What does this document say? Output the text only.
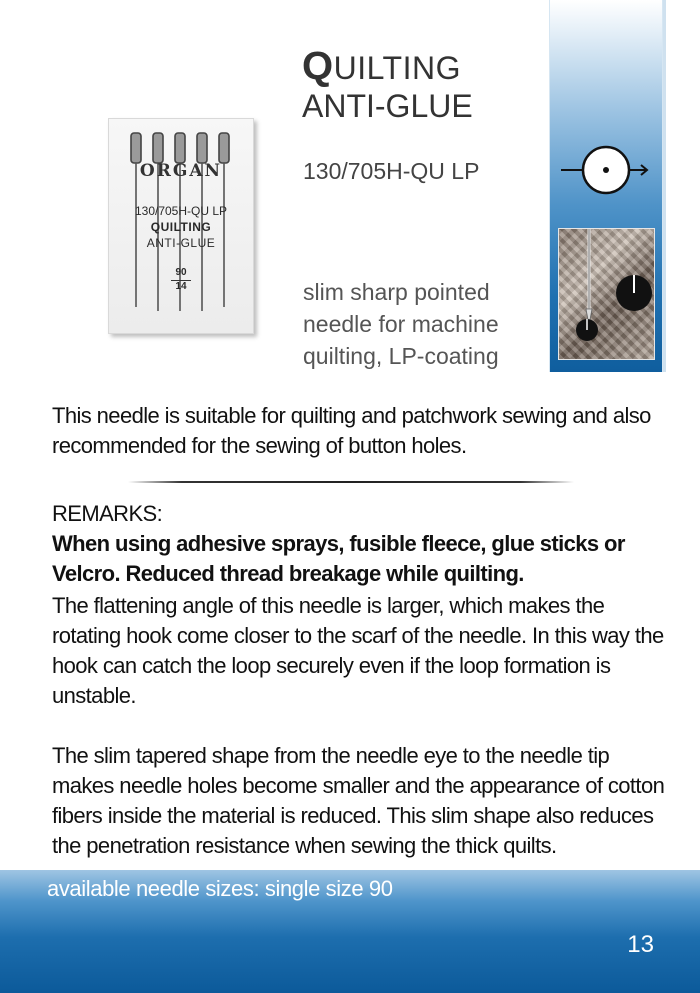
ORGAN
130/705H-QU LP
QUILTING
ANTI-GLUE
90
14
QUILTING
ANTI-GLUE
130/705H-QU LP
slim sharp pointed needle for machine quilting, LP-coating
This needle is suitable for quilting and patchwork sewing and also recommended for the sewing of button holes.
REMARKS:
When using adhesive sprays, fusible fleece, glue sticks or Velcro. Reduced thread breakage while quilting.
The flattening angle of this needle is larger, which makes the rotating hook come closer to the scarf of the needle. In this way the hook can catch the loop securely even if the loop formation is unstable.
The slim tapered shape from the needle eye to the needle tip makes needle holes become smaller and the appearance of cotton fibers inside the material is reduced. This slim shape also reduces the penetration resistance when sewing the thick quilts.
available needle sizes: single size 90
13
